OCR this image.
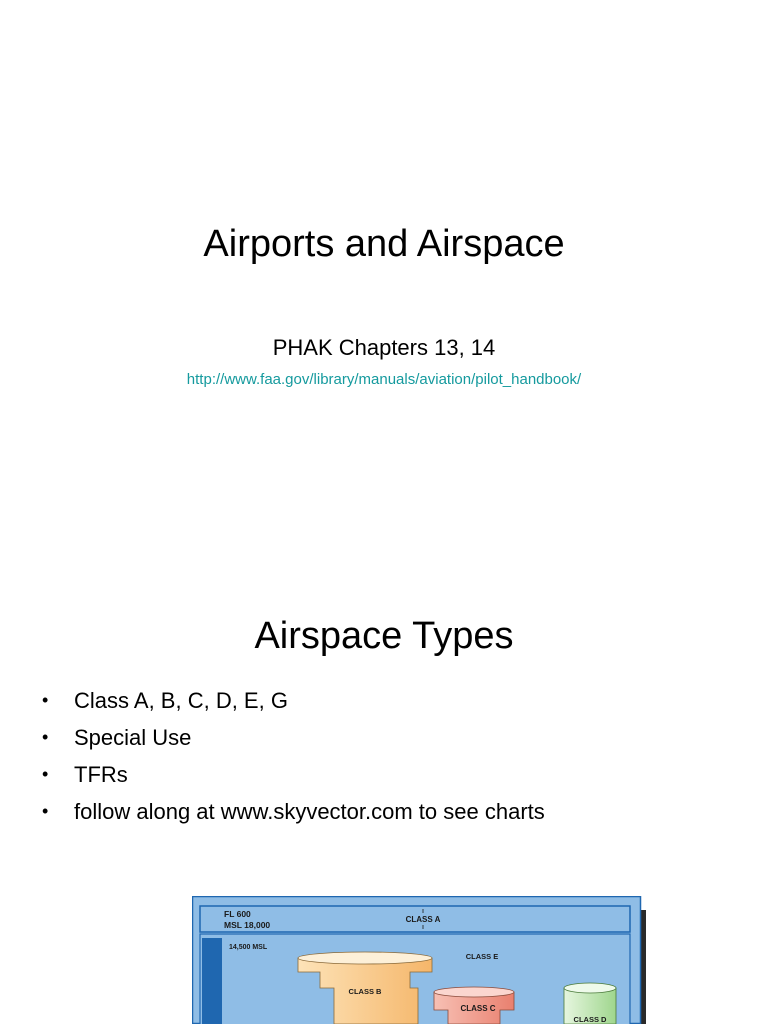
Airports and Airspace
PHAK Chapters 13, 14
http://www.faa.gov/library/manuals/aviation/pilot_handbook/
Airspace Types
• Class A, B, C, D, E, G
• Special Use
• TFRs
• follow along at www.skyvector.com to see charts
FL 600
MSL 18,000
CLASS A
14,500 MSL
CLASS E
CLASS B
CLASS C
CLASS D
